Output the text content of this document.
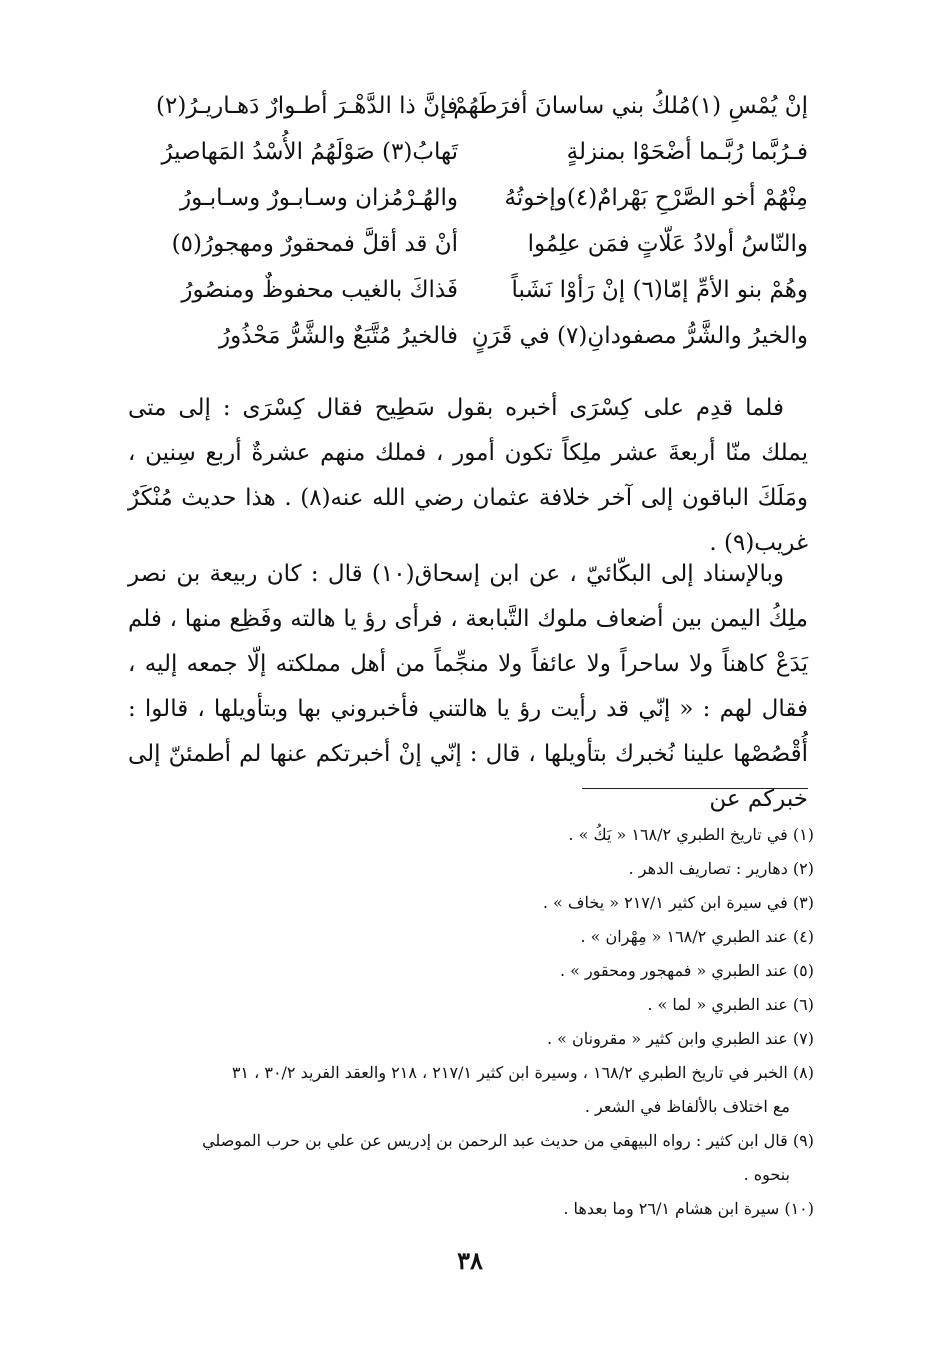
إنْ يُمْسِ (١)مُلكُ بني ساسانَ أفرَطَهُمْ
فإنَّ ذا الدَّهْـرَ أطـوارٌ دَهـاريـرُ(٢)
فـرُبَّما رُبَّـما أضْحَوْا بمنزلةٍ
تَهابُ(٣) صَوْلَهُمُ الأُسْدُ المَهاصيرُ
مِنْهُمْ أخو الصَّرْحِ بَهْرامٌ(٤)وإخوتُهُ
والهُـرْمُزان وسـابـورٌ وسـابـورُ
والنّاسُ أولادُ عَلّاتٍ فمَن علِمُوا
أنْ قد أقلَّ فمحقورٌ ومهجورُ(٥)
وهُمْ بنو الأمِّ إمّا(٦) إنْ رَأوْا نَشَباً
فَذاكَ بالغيب محفوظٌ ومنصُورُ
والخيرُ والشَّرُّ مصفودانِ(٧) في قَرَنٍ
فالخيرُ مُتَّبَعٌ والشَّرُّ مَحْذُورُ

فلما قدِم على كِسْرَى أخبره بقول سَطِيح فقال كِسْرَى : إلى متى يملك منّا أربعةَ عشر ملِكاً تكون أمور ، فملك منهم عشرةٌ أربع سِنين ، ومَلَكَ الباقون إلى آخر خلافة عثمان رضي الله عنه(٨) . هذا حديث مُنْكَرٌ غريب(٩) .

وبالإسناد إلى البكّائيّ ، عن ابن إسحاق(١٠) قال : كان ربيعة بن نصر ملِكُ اليمن بين أضعاف ملوك التَّبابعة ، فرأى رؤ يا هالته وفَظِع منها ، فلم يَدَعْ كاهناً ولا ساحراً ولا عائفاً ولا منجِّماً من أهل مملكته إلّا جمعه إليه ، فقال لهم : « إنّي قد رأيت رؤ يا هالتني فأخبروني بها وبتأويلها ، قالوا : أُقْصُصْها علينا نُخبرك بتأويلها ، قال : إنّي إنْ أخبرتكم عنها لم أطمئنّ إلى خبركم عن

(١) في تاريخ الطبري ١٦٨/٢ « يَكُ » .

(٢) دهارير : تصاريف الدهر .

(٣) في سيرة ابن كثير ٢١٧/١ « يخاف » .

(٤) عند الطبري ١٦٨/٢ « مِهْران » .

(٥) عند الطبري « فمهجور ومحقور » .

(٦) عند الطبري « لما » .

(٧) عند الطبري وابن كثير « مقرونان » .

(٨) الخبر في تاريخ الطبري ١٦٨/٢ ، وسيرة ابن كثير ٢١٧/١ ، ٢١٨ والعقد الفريد ٣٠/٢ ، ٣١
مع اختلاف بالألفاظ في الشعر .

(٩) قال ابن كثير : رواه البيهقي من حديث عبد الرحمن بن إدريس عن علي بن حرب الموصلي
بنحوه .

(١٠) سيرة ابن هشام ٢٦/١ وما بعدها .

٣٨
